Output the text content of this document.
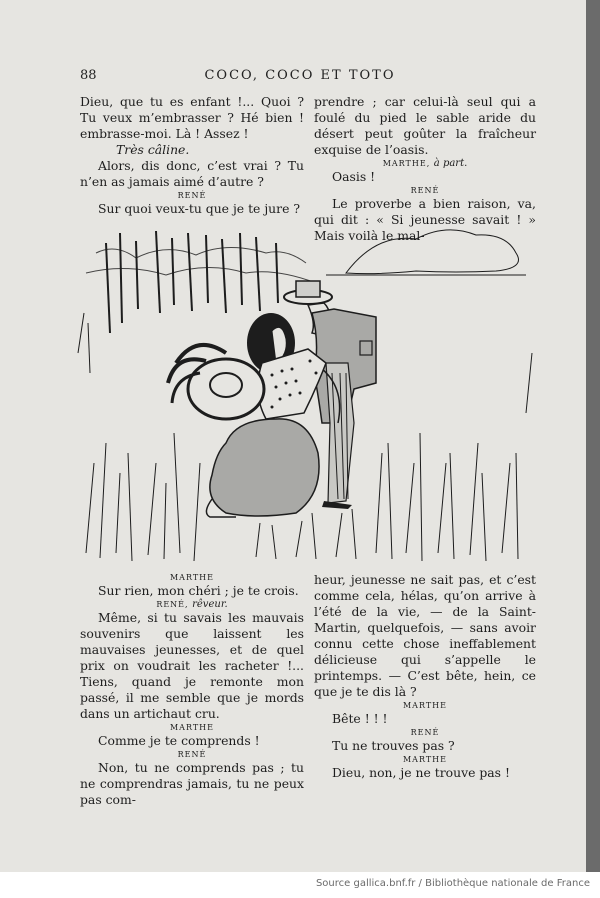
88	COCO, COCO ET TOTO

Dieu, que tu es enfant !... Quoi ? Tu veux m’embrasser ? Hé bien ! embrasse-moi. Là ! Assez !

Très câline.

Alors, dis donc, c’est vrai ? Tu n’en as jamais aimé d’autre ?

RENÉ

Sur quoi veux-tu que je te jure ?

prendre ; car celui-là seul qui a foulé du pied le sable aride du désert peut goûter la fraîcheur exquise de l’oasis.

MARTHE, à part.

Oasis !

RENÉ

Le proverbe a bien raison, va, qui dit : « Si jeunesse savait ! » Mais voilà le mal-

MARTHE

Sur rien, mon chéri ; je te crois.

RENÉ, rêveur.

Même, si tu savais les mauvais souvenirs que laissent les mauvaises jeunesses, et de quel prix on voudrait les racheter !... Tiens, quand je remonte mon passé, il me semble que je mords dans un artichaut cru.

MARTHE

Comme je te comprends !

RENÉ

Non, tu ne comprends pas ; tu ne comprendras jamais, tu ne peux pas com-

heur, jeunesse ne sait pas, et c’est comme cela, hélas, qu’on arrive à l’été de la vie, — de la Saint-Martin, quelquefois, — sans avoir connu cette chose ineffablement délicieuse qui s’appelle le printemps. — C’est bête, hein, ce que je te dis là ?

MARTHE

Bête ! ! !

RENÉ

Tu ne trouves pas ?

MARTHE

Dieu, non, je ne trouve pas !

Source gallica.bnf.fr / Bibliothèque nationale de France
